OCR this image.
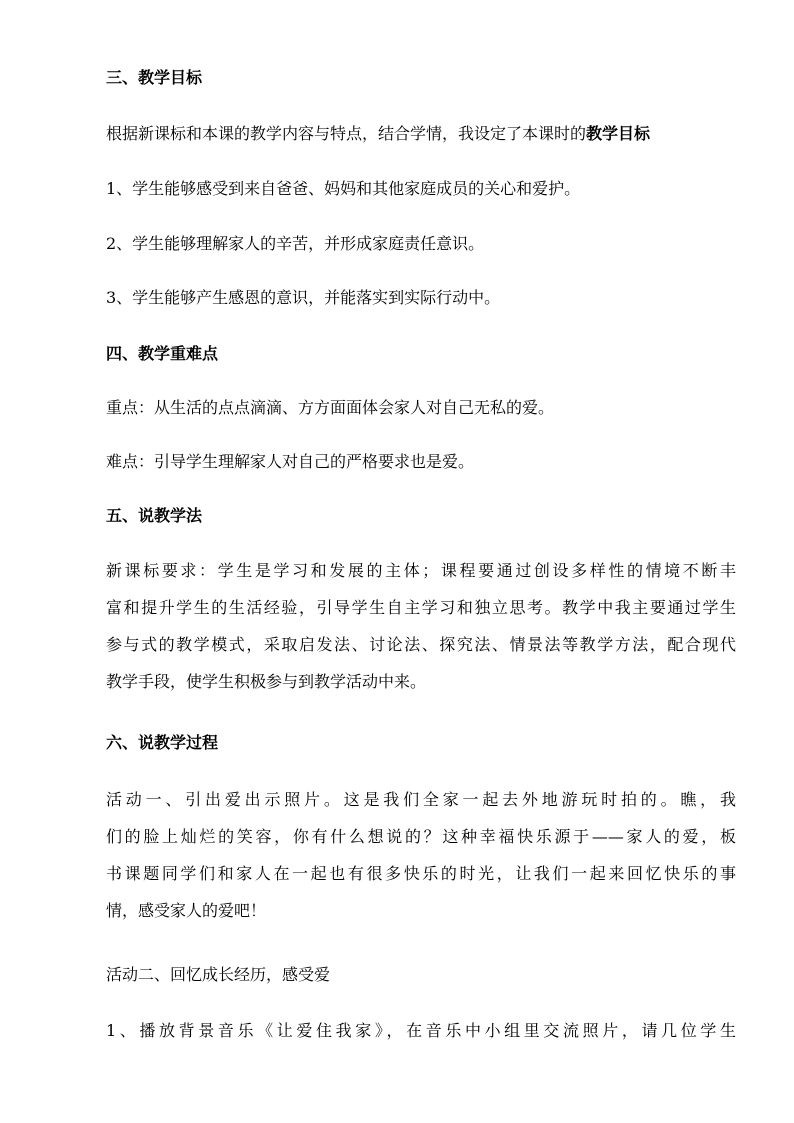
三、教学目标

根据新课标和本课的教学内容与特点，结合学情，我设定了本课时的教学目标

1、学生能够感受到来自爸爸、妈妈和其他家庭成员的关心和爱护。

2、学生能够理解家人的辛苦，并形成家庭责任意识。

3、学生能够产生感恩的意识，并能落实到实际行动中。

四、教学重难点

重点：从生活的点点滴滴、方方面面体会家人对自己无私的爱。

难点：引导学生理解家人对自己的严格要求也是爱。

五、说教学法

新课标要求：学生是学习和发展的主体；课程要通过创设多样性的情境不断丰

富和提升学生的生活经验，引导学生自主学习和独立思考。教学中我主要通过学生

参与式的教学模式，采取启发法、讨论法、探究法、情景法等教学方法，配合现代

教学手段，使学生积极参与到教学活动中来。

六、说教学过程

活动一、引出爱出示照片。这是我们全家一起去外地游玩时拍的。瞧，我

们的脸上灿烂的笑容，你有什么想说的？这种幸福快乐源于——家人的爱，板

书课题同学们和家人在一起也有很多快乐的时光，让我们一起来回忆快乐的事

情，感受家人的爱吧！

活动二、回忆成长经历，感受爱

1、播放背景音乐《让爱住我家》，在音乐中小组里交流照片，请几位学生
